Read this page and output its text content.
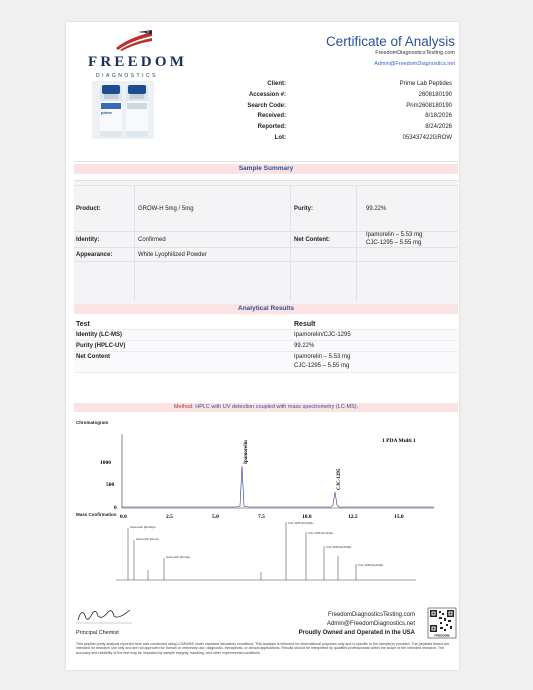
FREEDOM
DIAGNOSTICS
Certificate of Analysis
FreedomDiagnosticsTesting.com
Admin@FreedomDiagnostics.net
prime
Client:	Prime Lab Peptides
Accession #:	2608180190
Search Code:	Prim2608180190
Received:	8/18/2026
Reported:	8/24/2026
Lot:	053437422GROW
Sample Summary
Product:	GROW-H 5mg / 5mg	Purity:	99.22%
Identity:	Confirmed	Net Content:
Ipamorelin – 5.53 mg
CJC-1295 – 5.55 mg
Appearance:	White Lyophilized Powder
Analytical Results
Test	Result
Identity (LC-MS)	Ipamorelin/CJC-1295
Purity (HPLC-UV)	99.22%
Net Content	Ipamorelin – 5.53 mg
CJC-1295 – 5.55 mg
Method: HPLC with UV detection coupled with mass spectrometry (LC-MS).
Chromatogram
1 PDA Multi 1
1000
500
0
0.0	2.5	5.0	7.5	10.0	12.5	15.0
Ipamorelin
CJC-1295
Mass Confirmation
Ipamorelin [M+2H]2+
Ipamorelin [M+H]+
Ipamorelin [M+Na]+
CJC-1295 [M+3H]3+
CJC-1295 [M+4H]4+
CJC-1295 [M+5H]5+
CJC-1295 [M+6H]6+
Principal Chemist
FreedomDiagnosticsTesting.com
Admin@FreedomDiagnostics.net
Proudly Owned and Operated in the USA	FREEDOM
This peptide purity analysis reported here was conducted using LCMS/MS under standard laboratory conditions. This analysis is intended for informational purposes only and is specific to the sample(s) provided. The peptides tested are intended for research use only and are not approved for human or veterinary use, diagnostic, therapeutic, or clinical applications. Results should be interpreted by qualified professionals within the scope of the intended research. The accuracy and reliability of the test may be impacted by sample integrity, handling, and other experimental conditions.
